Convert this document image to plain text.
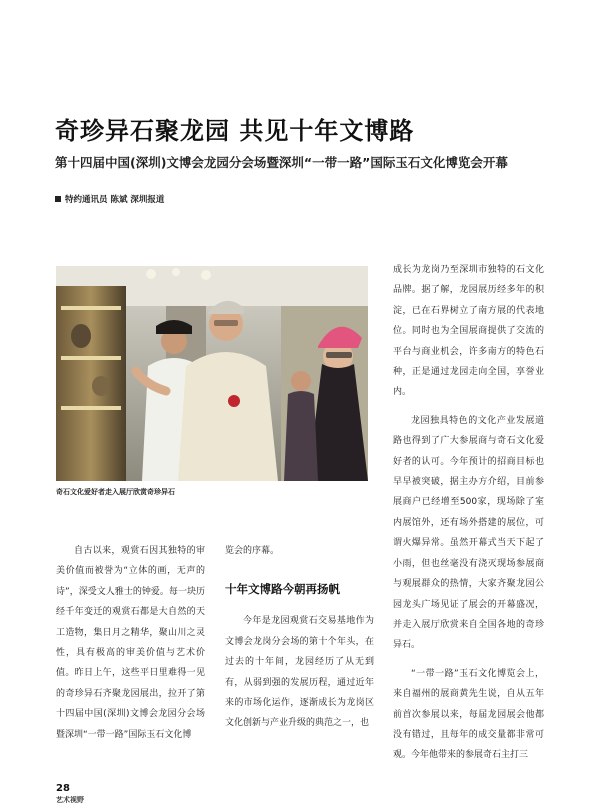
奇珍异石聚龙园 共见十年文博路
第十四届中国(深圳)文博会龙园分会场暨深圳“一带一路”国际玉石文化博览会开幕
特约通讯员 陈斌 深圳报道
奇石文化爱好者走入展厅欣赏奇珍异石

自古以来，观赏石因其独特的审美价值而被誉为“立体的画，无声的诗”，深受文人雅士的钟爱。每一块历经千年变迁的观赏石都是大自然的天工造物，集日月之精华，聚山川之灵性，具有极高的审美价值与艺术价值。昨日上午，这些平日里难得一见的奇珍异石齐聚龙园展出，拉开了第十四届中国(深圳)文博会龙园分会场暨深圳“一带一路”国际玉石文化博

览会的序幕。

十年文博路今朝再扬帆

今年是龙园观赏石交易基地作为文博会龙岗分会场的第十个年头，在过去的十年间，龙园经历了从无到有，从弱到强的发展历程，通过近年来的市场化运作，逐渐成长为龙岗区文化创新与产业升级的典范之一，也

成长为龙岗乃至深圳市独特的石文化品牌。据了解，龙园展历经多年的积淀，已在石界树立了南方展的代表地位。同时也为全国展商提供了交流的平台与商业机会，许多南方的特色石种，正是通过龙园走向全国，享誉业内。

龙园独具特色的文化产业发展道路也得到了广大参展商与奇石文化爱好者的认可。今年预计的招商目标也早早被突破，据主办方介绍，目前参展商户已经增至500家，现场除了室内展馆外，还有场外搭建的展位，可谓火爆异常。虽然开幕式当天下起了小雨，但也丝毫没有浇灭现场参展商与观展群众的热情，大家齐聚龙园公园龙头广场见证了展会的开幕盛况，并走入展厅欣赏来自全国各地的奇珍异石。

“一带一路”玉石文化博览会上，来自福州的展商黄先生说，自从五年前首次参展以来，每届龙园展会他都没有错过，且每年的成交量都非常可观。今年他带来的参展奇石主打三

28
艺术视野
